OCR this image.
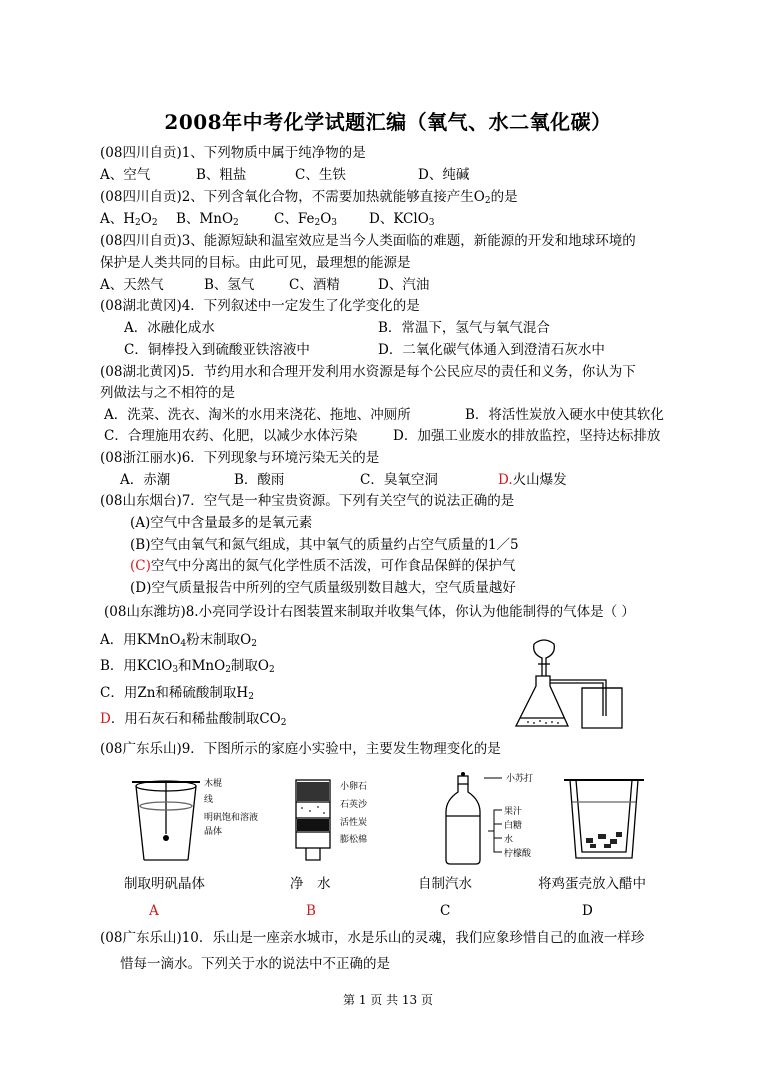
2008年中考化学试题汇编（氧气、水二氧化碳）
(08四川自贡)1、下列物质中属于纯净物的是
A、空气	B、粗盐	C、生铁	D、纯碱
(08四川自贡)2、下列含氧化合物，不需要加热就能够直接产生$O_2$的是
A、$H_2O_2$ B、MnO$_2$	C、$Fe_2O_3$ D、KClO$_3$
(08四川自贡)3、能源短缺和温室效应是当今人类面临的难题，新能源的开发和地球环境的
保护是人类共同的目标。由此可见，最理想的能源是
A、天然气	B、氢气	C、酒精	D、汽油
(08湖北黄冈)4．下列叙述中一定发生了化学变化的是
A．冰融化成水	B．常温下，氢气与氧气混合
C．铜棒投入到硫酸亚铁溶液中	D．二氧化碳气体通入到澄清石灰水中
(08湖北黄冈)5．节约用水和合理开发利用水资源是每个公民应尽的责任和义务，你认为下
列做法与之不相符的是
A．洗菜、洗衣、淘米的水用来浇花、拖地、冲厕所	B．将活性炭放入硬水中使其软化
C．合理施用农药、化肥，以减少水体污染	D．加强工业废水的排放监控，坚持达标排放
(08浙江丽水)6．下列现象与环境污染无关的是
A．赤潮	B．酸雨	C．臭氧空洞	D.火山爆发
(08山东烟台)7．空气是一种宝贵资源。下列有关空气的说法正确的是
(A)空气中含量最多的是氧元素
(B)空气由氧气和氮气组成，其中氧气的质量约占空气质量的1／5
(C)空气中分离出的氮气化学性质不活泼，可作食品保鲜的保护气
(D)空气质量报告中所列的空气质量级别数目越大，空气质量越好
(08山东潍坊)8.小亮同学设计右图装置来制取并收集气体，你认为他能制得的气体是（ ）
A．用KMnO$_4$粉末制取$O_2$
B．用KClO$_3$和MnO$_2$制取$O_2$
C．用Zn和稀硫酸制取$H_2$
D．用石灰石和稀盐酸制取$CO_2$
(08广东乐山)9．下图所示的家庭小实验中，主要发生物理变化的是
木棍
线
明矾饱和溶液
晶体
小卵石
石英沙
活性炭
膨松棉
小苏打
果汁
白糖
水
柠檬酸
制取明矾晶体	净　水	自制汽水	将鸡蛋壳放入醋中
A	B	C	D
(08广东乐山)10．乐山是一座亲水城市，水是乐山的灵魂，我们应象珍惜自己的血液一样珍
惜每一滴水。下列关于水的说法中不正确的是
第 1 页 共 13 页
